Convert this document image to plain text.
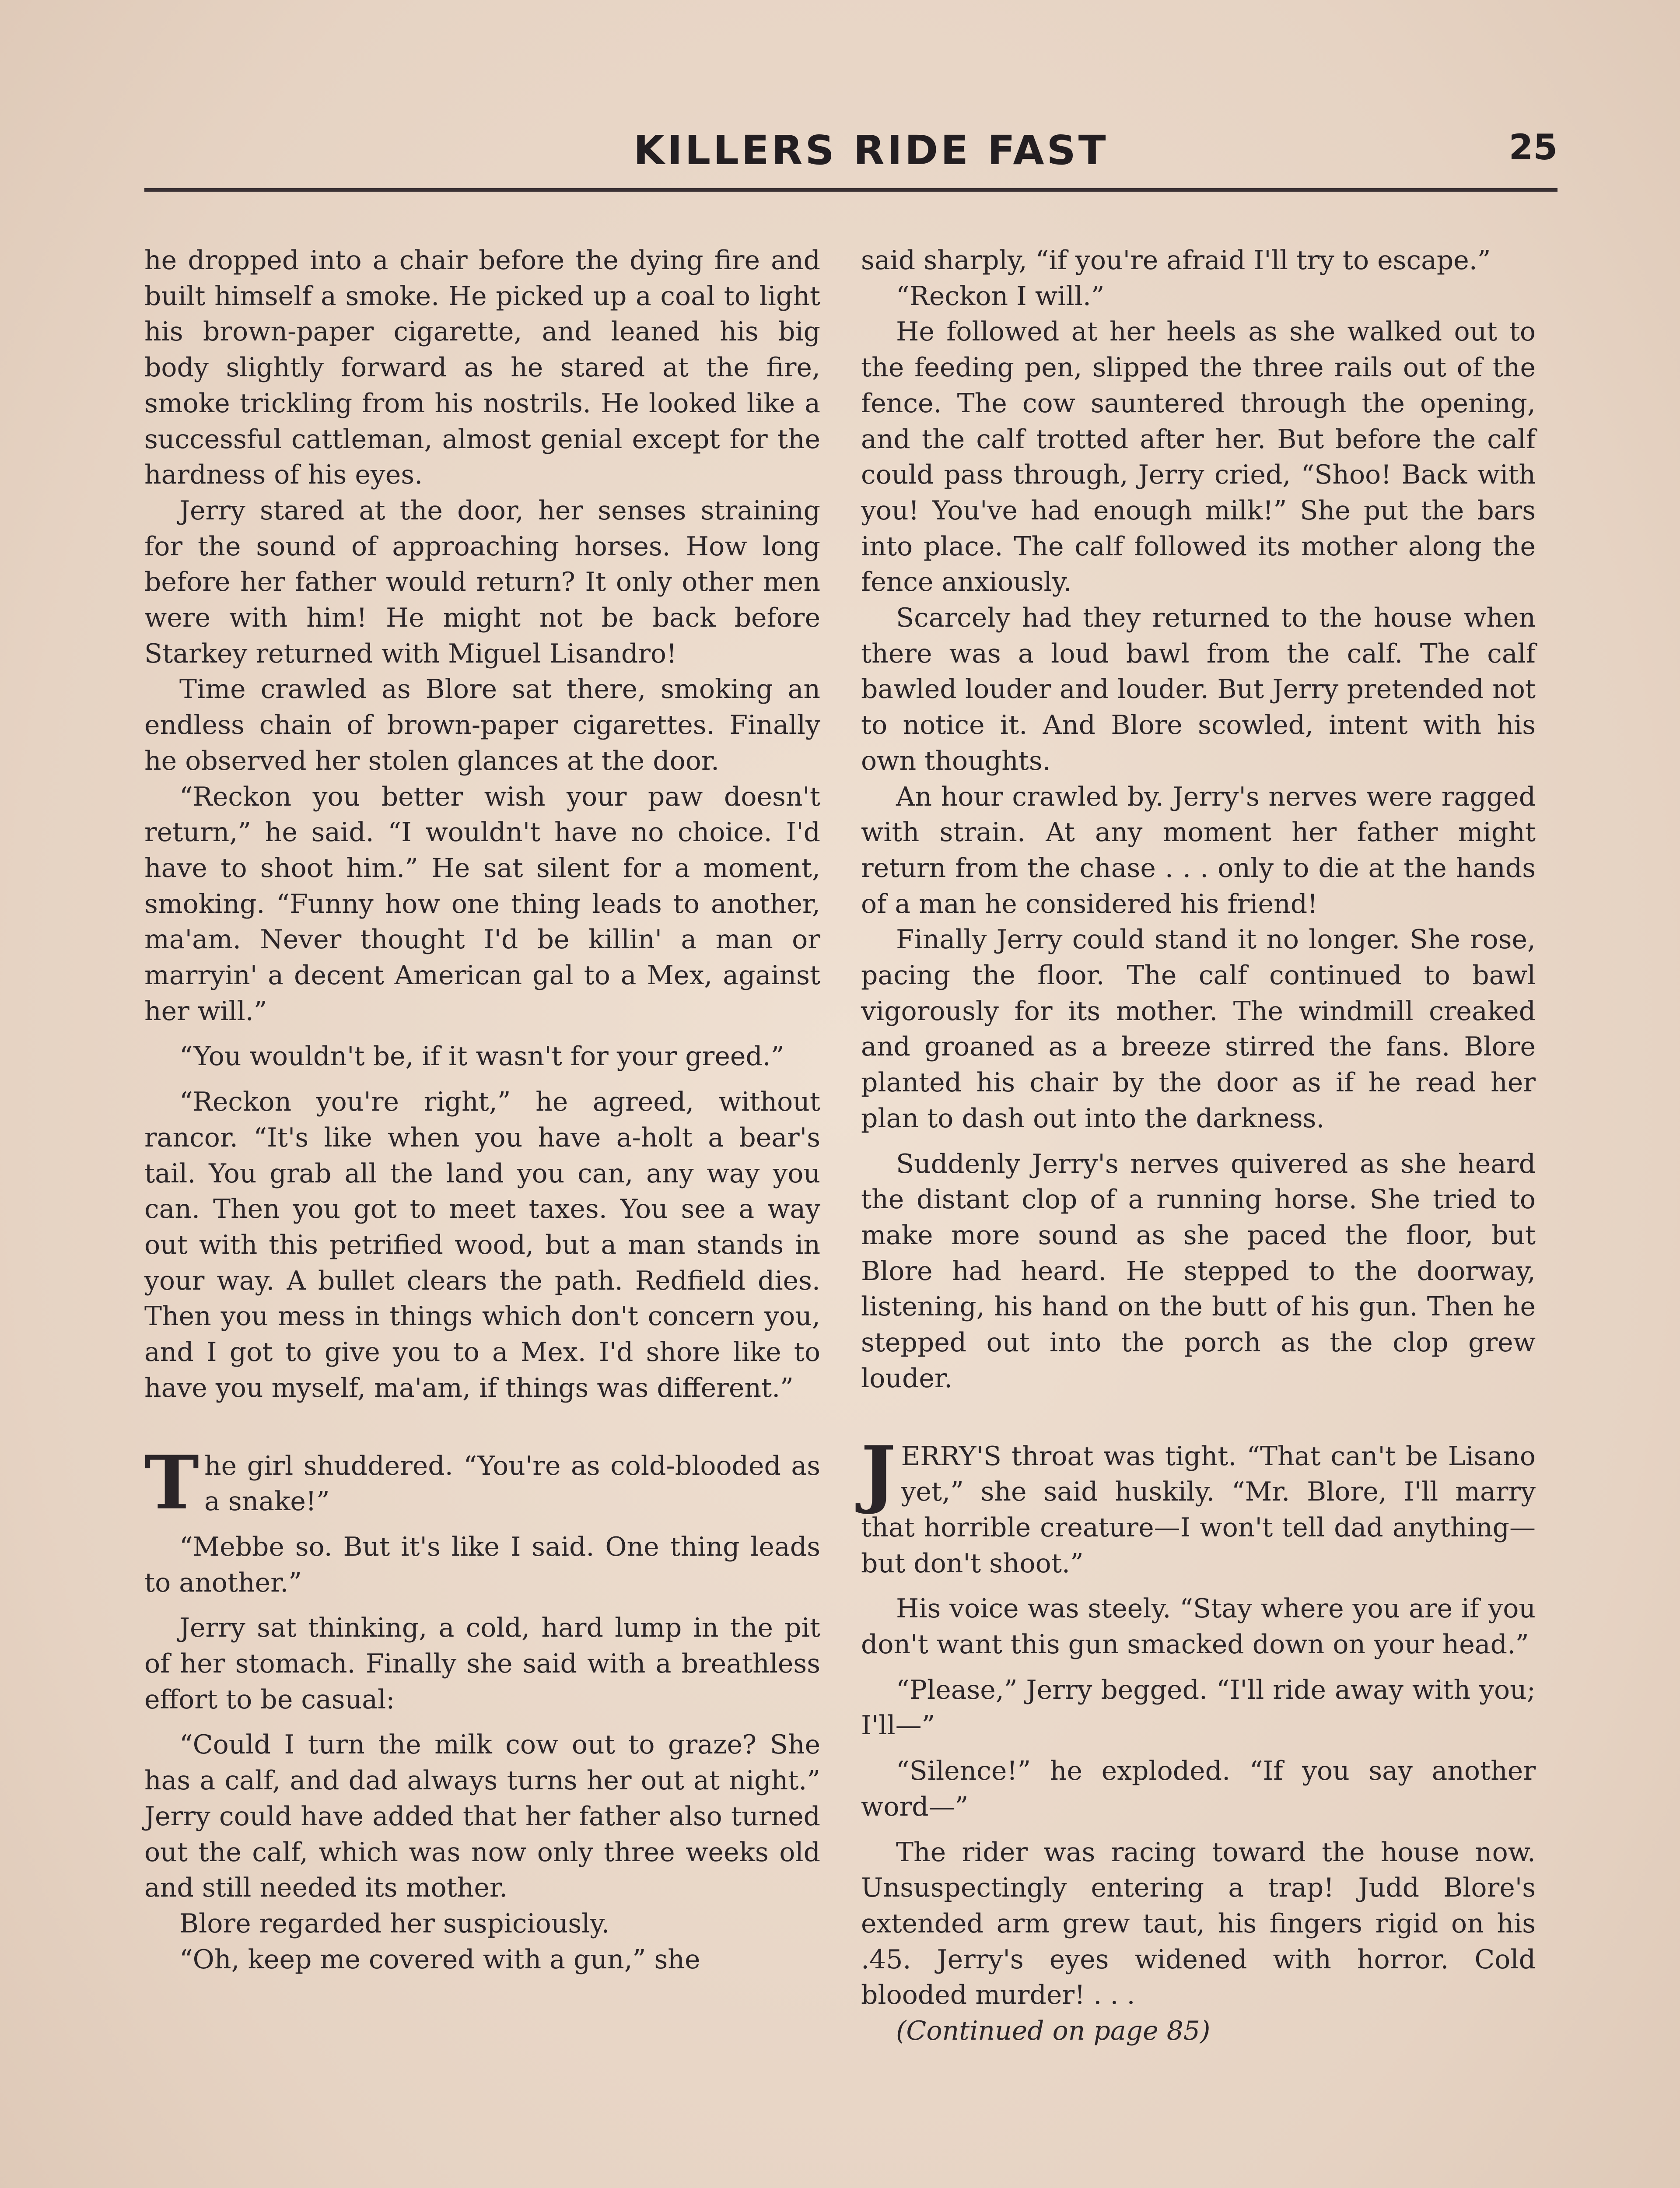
KILLERS RIDE FAST	25

he dropped into a chair before the dying fire and built himself a smoke. He picked up a coal to light his brown-paper cigarette, and leaned his big body slightly forward as he stared at the fire, smoke trickling from his nostrils. He looked like a successful cattleman, almost genial except for the hardness of his eyes.

Jerry stared at the door, her senses straining for the sound of approaching horses. How long before her father would return? It only other men were with him! He might not be back before Starkey returned with Miguel Lisandro!

Time crawled as Blore sat there, smoking an endless chain of brown-paper cigarettes. Finally he observed her stolen glances at the door.

“Reckon you better wish your paw doesn't return,” he said. “I wouldn't have no choice. I'd have to shoot him.” He sat silent for a moment, smoking. “Funny how one thing leads to another, ma'am. Never thought I'd be killin' a man or marryin' a decent American gal to a Mex, against her will.”

“You wouldn't be, if it wasn't for your greed.”

“Reckon you're right,” he agreed, without rancor. “It's like when you have a-holt a bear's tail. You grab all the land you can, any way you can. Then you got to meet taxes. You see a way out with this petrified wood, but a man stands in your way. A bullet clears the path. Redfield dies. Then you mess in things which don't concern you, and I got to give you to a Mex. I'd shore like to have you myself, ma'am, if things was different.”

The girl shuddered. “You're as cold-blooded as a snake!”

“Mebbe so. But it's like I said. One thing leads to another.”

Jerry sat thinking, a cold, hard lump in the pit of her stomach. Finally she said with a breathless effort to be casual:

“Could I turn the milk cow out to graze? She has a calf, and dad always turns her out at night.” Jerry could have added that her father also turned out the calf, which was now only three weeks old and still needed its mother.

Blore regarded her suspiciously.

“Oh, keep me covered with a gun,” she

said sharply, “if you're afraid I'll try to escape.”

“Reckon I will.”

He followed at her heels as she walked out to the feeding pen, slipped the three rails out of the fence. The cow sauntered through the opening, and the calf trotted after her. But before the calf could pass through, Jerry cried, “Shoo! Back with you! You've had enough milk!” She put the bars into place. The calf followed its mother along the fence anxiously.

Scarcely had they returned to the house when there was a loud bawl from the calf. The calf bawled louder and louder. But Jerry pretended not to notice it. And Blore scowled, intent with his own thoughts.

An hour crawled by. Jerry's nerves were ragged with strain. At any moment her father might return from the chase . . . only to die at the hands of a man he considered his friend!

Finally Jerry could stand it no longer. She rose, pacing the floor. The calf continued to bawl vigorously for its mother. The windmill creaked and groaned as a breeze stirred the fans. Blore planted his chair by the door as if he read her plan to dash out into the darkness.

Suddenly Jerry's nerves quivered as she heard the distant clop of a running horse. She tried to make more sound as she paced the floor, but Blore had heard. He stepped to the doorway, listening, his hand on the butt of his gun. Then he stepped out into the porch as the clop grew louder.

JERRY'S throat was tight. “That can't be Lisano yet,” she said huskily. “Mr. Blore, I'll marry that horrible creature—I won't tell dad anything—but don't shoot.”

His voice was steely. “Stay where you are if you don't want this gun smacked down on your head.”

“Please,” Jerry begged. “I'll ride away with you; I'll—”

“Silence!” he exploded. “If you say another word—”

The rider was racing toward the house now. Unsuspectingly entering a trap! Judd Blore's extended arm grew taut, his fingers rigid on his .45. Jerry's eyes widened with horror. Cold blooded murder! . . .

(Continued on page 85)
